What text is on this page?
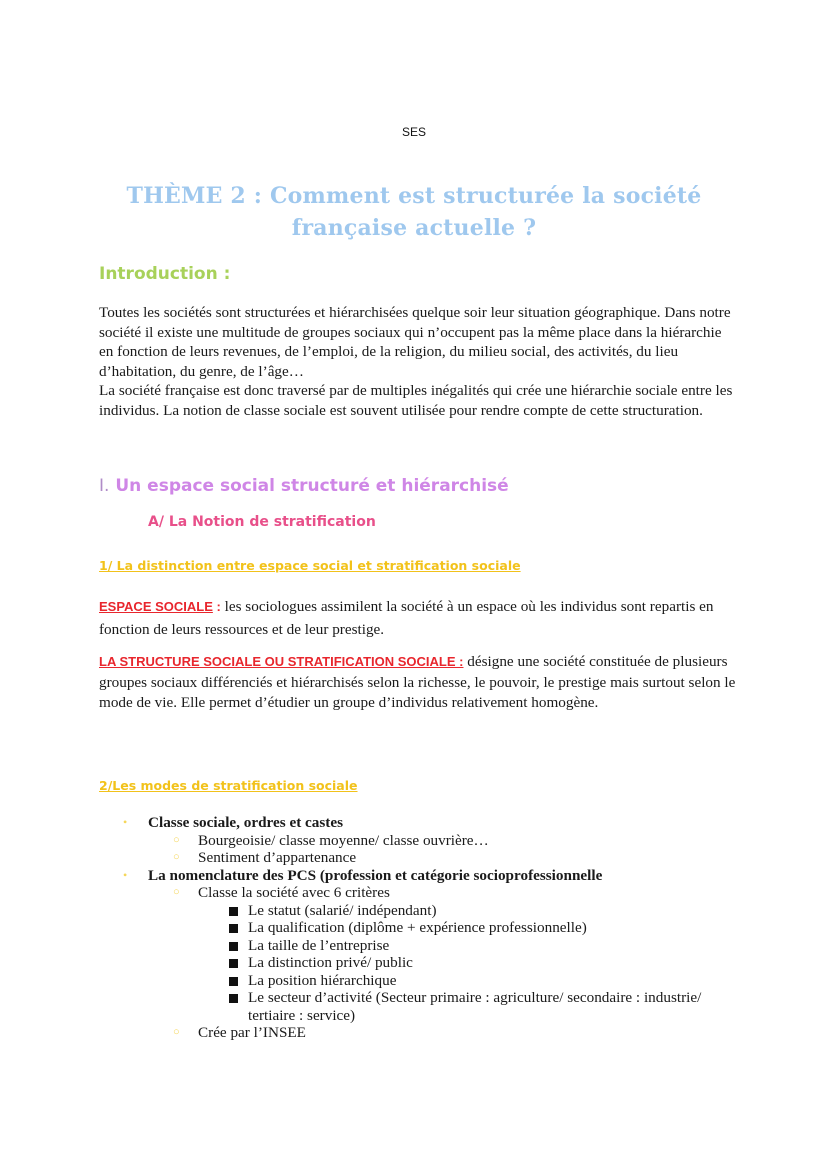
SES
THÈME 2 : Comment est structurée la société française actuelle ?
Introduction :
Toutes les sociétés sont structurées et hiérarchisées quelque soir leur situation géographique. Dans notre société il existe une multitude de groupes sociaux qui n’occupent pas la même place dans la hiérarchie en fonction de leurs revenues, de l’emploi, de la religion, du milieu social, des activités, du lieu d’habitation, du genre, de l’âge…
La société française est donc traversé par de multiples inégalités qui crée une hiérarchie sociale entre les individus. La notion de classe sociale est souvent utilisée pour rendre compte de cette structuration.
I. Un espace social structuré et hiérarchisé
A/ La Notion de stratification
1/ La distinction entre espace social et stratification sociale
ESPACE SOCIALE : les sociologues assimilent la société à un espace où les individus sont repartis en fonction de leurs ressources et de leur prestige.
LA STRUCTURE SOCIALE OU STRATIFICATION SOCIALE : désigne une société constituée de plusieurs groupes sociaux différenciés et hiérarchisés selon la richesse, le pouvoir, le prestige mais surtout selon le mode de vie. Elle permet d’étudier un groupe d’individus relativement homogène.
2/Les modes de stratification sociale
• Classe sociale, ordres et castes
○ Bourgeoisie/ classe moyenne/ classe ouvrière…
○ Sentiment d’appartenance
• La nomenclature des PCS (profession et catégorie socioprofessionnelle
○ Classe la société avec 6 critères
Le statut (salarié/ indépendant)
La qualification (diplôme + expérience professionnelle)
La taille de l’entreprise
La distinction privé/ public
La position hiérarchique
Le secteur d’activité (Secteur primaire : agriculture/ secondaire : industrie/ tertiaire : service)
○ Crée par l’INSEE
